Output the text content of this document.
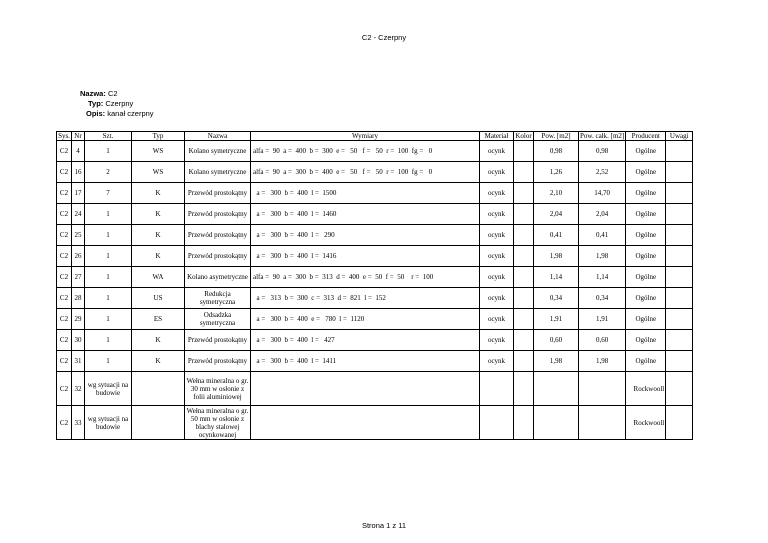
C2 - Czerpny
Nazwa: C2
Typ: Czerpny
Opis: kanał czerpny
Sys.	Nr	Szt.	Typ	Nazwa	Wymiary	Materiał	Kolor	Pow. [m2]	Pow. całk. [m2]	Producent	Uwagi
C2	4	1	WS	Kolano symetryczne	alfa =  90  a =  400  b =  300  e =   50   f =   50  r =  100  fg =   0	ocynk		0,98	0,98	Ogólne	
C2	16	2	WS	Kolano symetryczne	alfa =  90  a =  300  b =  400  e =   50   f =   50  r =  100  fg =   0	ocynk		1,26	2,52	Ogólne	
C2	17	7	K	Przewód prostokątny	a =   300  b =  400  l =  1500	ocynk		2,10	14,70	Ogólne	
C2	24	1	K	Przewód prostokątny	a =   300  b =  400  l =  1460	ocynk		2,04	2,04	Ogólne	
C2	25	1	K	Przewód prostokątny	a =   300  b =  400  l =   290	ocynk		0,41	0,41	Ogólne	
C2	26	1	K	Przewód prostokątny	a =   300  b =  400  l =  1416	ocynk		1,98	1,98	Ogólne	
C2	27	1	WA	Kolano asymetryczne	alfa =  90  a =  300  b =  313  d =  400  e =  50  f =  50    r =  100	ocynk		1,14	1,14	Ogólne	
C2	28	1	US	Redukcja symetryczna	a =   313  b =  300  c =  313  d =  821  l =  152	ocynk		0,34	0,34	Ogólne	
C2	29	1	ES	Odsadzka symetryczna	a =   300  b =  400  e =   780  l =  1120	ocynk		1,91	1,91	Ogólne	
C2	30	1	K	Przewód prostokątny	a =   300  b =  400  l =   427	ocynk		0,60	0,60	Ogólne	
C2	31	1	K	Przewód prostokątny	a =   300  b =  400  l =  1411	ocynk		1,98	1,98	Ogólne	
C2	32	wg sytuacji na budowie		Wełna mineralna o gr. 30 mm w osłonie z folii aluminiowej						Rockwooll	
C2	33	wg sytuacji na budowie		Wełna mineralna o gr. 50 mm w osłonie z blachy stalowej ocynkowanej						Rockwooll	
Strona 1 z 11
